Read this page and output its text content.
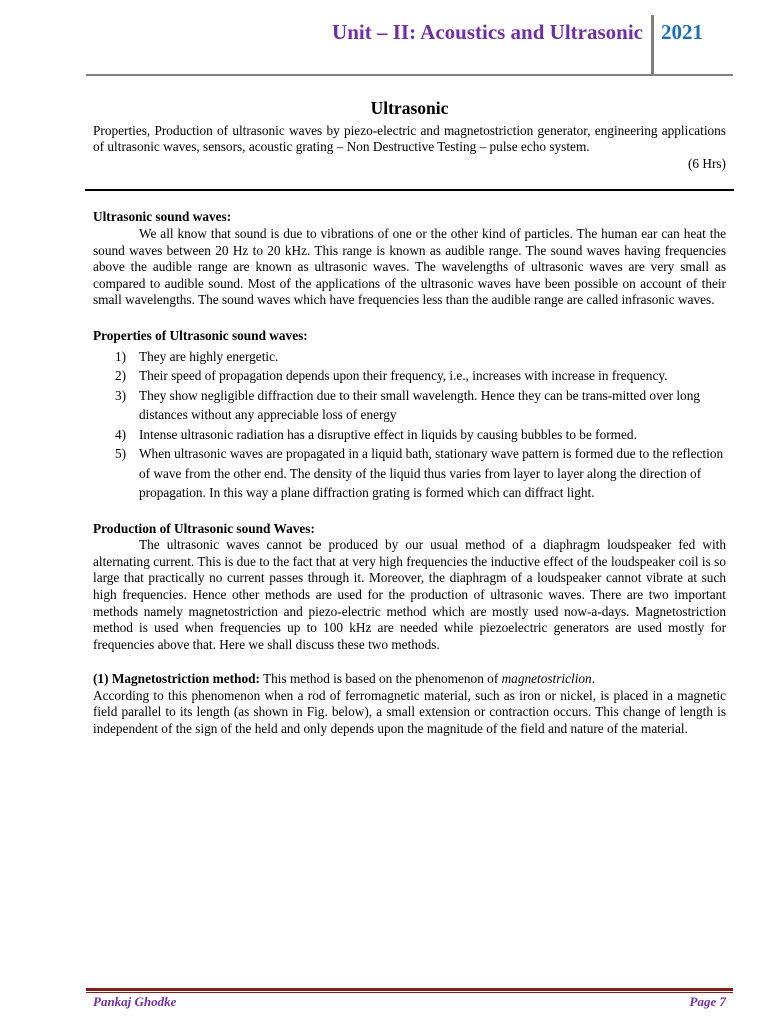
Unit – II: Acoustics and Ultrasonic 2021
Ultrasonic

Properties, Production of ultrasonic waves by piezo-electric and magnetostriction generator, engineering applications of ultrasonic waves, sensors, acoustic grating – Non Destructive Testing – pulse echo system.

(6 Hrs)

Ultrasonic sound waves:

We all know that sound is due to vibrations of one or the other kind of particles. The human ear can heat the sound waves between 20 Hz to 20 kHz. This range is known as audible range. The sound waves having frequencies above the audible range are known as ultrasonic waves. The wavelengths of ultrasonic waves are very small as compared to audible sound. Most of the applications of the ultrasonic waves have been possible on account of their small wavelengths. The sound waves which have frequencies less than the audible range are called infrasonic waves.

Properties of Ultrasonic sound waves:

1) They are highly energetic.
2) Their speed of propagation depends upon their frequency, i.e., increases with increase in frequency.
3) They show negligible diffraction due to their small wavelength. Hence they can be trans-mitted over long distances without any appreciable loss of energy
4) Intense ultrasonic radiation has a disruptive effect in liquids by causing bubbles to be formed.
5) When ultrasonic waves are propagated in a liquid bath, stationary wave pattern is formed due to the reflection of wave from the other end. The density of the liquid thus varies from layer to layer along the direction of propagation. In this way a plane diffraction grating is formed which can diffract light.

Production of Ultrasonic sound Waves:

The ultrasonic waves cannot be produced by our usual method of a diaphragm loudspeaker fed with alternating current. This is due to the fact that at very high frequencies the inductive effect of the loudspeaker coil is so large that practically no current passes through it. Moreover, the diaphragm of a loudspeaker cannot vibrate at such high frequencies. Hence other methods are used for the production of ultrasonic waves. There are two important methods namely magnetostriction and piezo-electric method which are mostly used now-a-days. Magnetostriction method is used when frequencies up to 100 kHz are needed while piezoelectric generators are used mostly for frequencies above that. Here we shall discuss these two methods.

(1) Magnetostriction method: This method is based on the phenomenon of magnetostriclion.

According to this phenomenon when a rod of ferromagnetic material, such as iron or nickel, is placed in a magnetic field parallel to its length (as shown in Fig. below), a small extension or contraction occurs. This change of length is independent of the sign of the held and only depends upon the magnitude of the field and nature of the material.

Pankaj Ghodke	Page 7
